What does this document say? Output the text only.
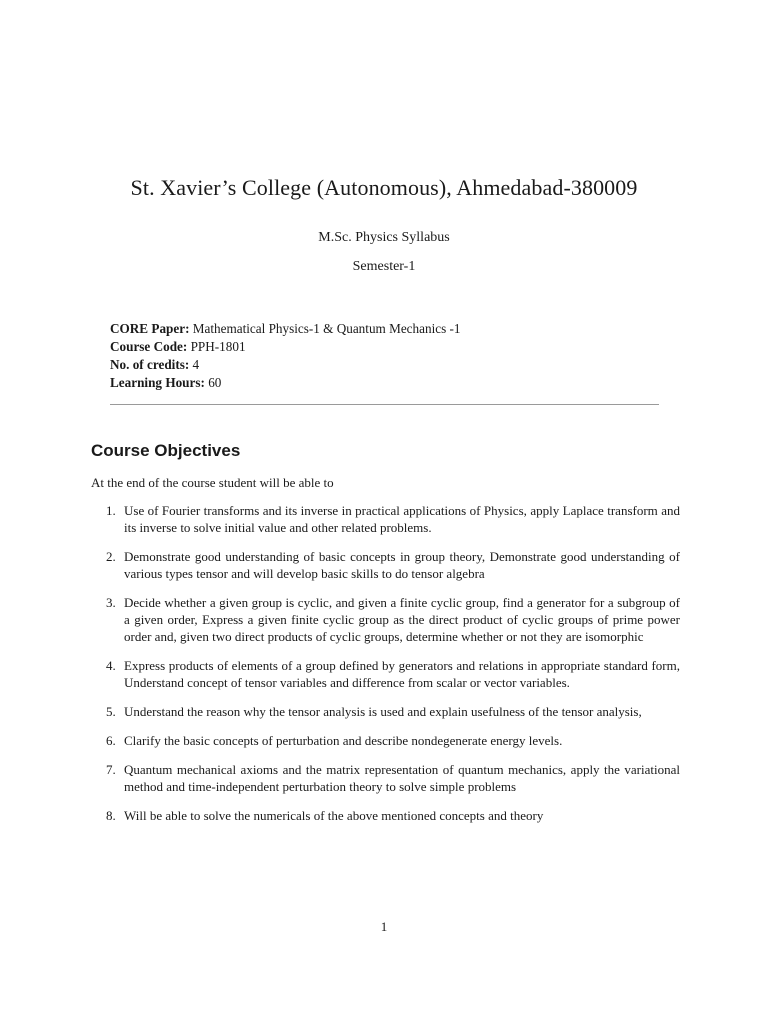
St. Xavier’s College (Autonomous), Ahmedabad-380009
M.Sc. Physics Syllabus
Semester-1
CORE Paper: Mathematical Physics-1 & Quantum Mechanics -1
Course Code: PPH-1801
No. of credits: 4
Learning Hours: 60
Course Objectives
At the end of the course student will be able to
1. Use of Fourier transforms and its inverse in practical applications of Physics, apply Laplace transform and its inverse to solve initial value and other related problems.
2. Demonstrate good understanding of basic concepts in group theory, Demonstrate good understanding of various types tensor and will develop basic skills to do tensor algebra
3. Decide whether a given group is cyclic, and given a finite cyclic group, find a generator for a subgroup of a given order, Express a given finite cyclic group as the direct product of cyclic groups of prime power order and, given two direct products of cyclic groups, determine whether or not they are isomorphic
4. Express products of elements of a group defined by generators and relations in appropriate standard form, Understand concept of tensor variables and difference from scalar or vector variables.
5. Understand the reason why the tensor analysis is used and explain usefulness of the tensor analysis,
6. Clarify the basic concepts of perturbation and describe nondegenerate energy levels.
7. Quantum mechanical axioms and the matrix representation of quantum mechanics, apply the variational method and time-independent perturbation theory to solve simple problems
8. Will be able to solve the numericals of the above mentioned concepts and theory
1
